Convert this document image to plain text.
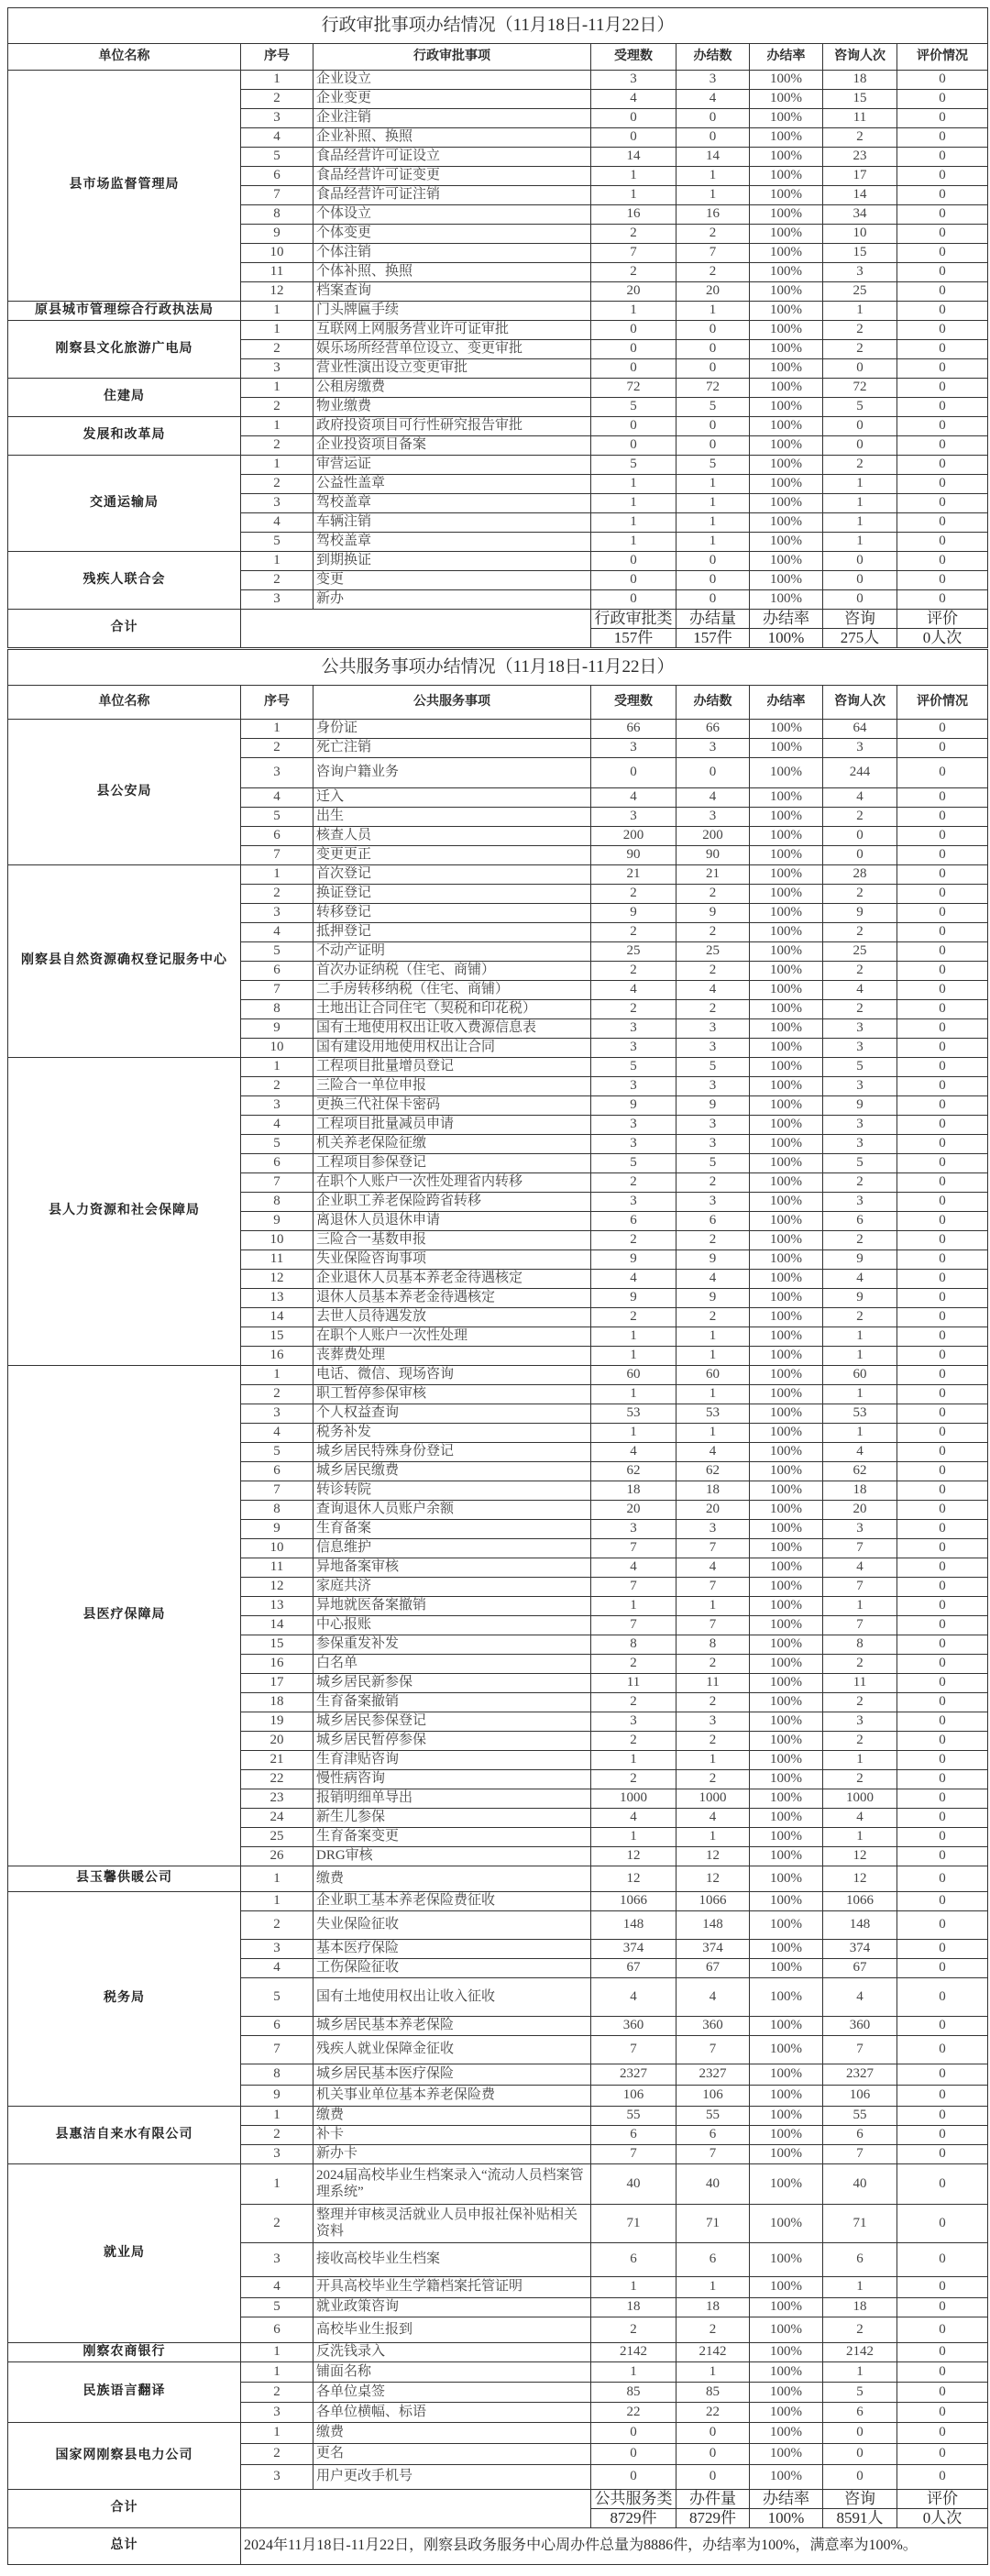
行政审批事项办结情况（11月18日-11月22日）							
单位名称	序号	行政审批事项	受理数	办结数	办结率	咨询人次	评价情况
县市场监督管理局	1	企业设立	3	3	100%	18	0
	2	企业变更	4	4	100%	15	0
	3	企业注销	0	0	100%	11	0
	4	企业补照、换照	0	0	100%	2	0
	5	食品经营许可证设立	14	14	100%	23	0
	6	食品经营许可证变更	1	1	100%	17	0
	7	食品经营许可证注销	1	1	100%	14	0
	8	个体设立	16	16	100%	34	0
	9	个体变更	2	2	100%	10	0
	10	个体注销	7	7	100%	15	0
	11	个体补照、换照	2	2	100%	3	0
	12	档案查询	20	20	100%	25	0
原县城市管理综合行政执法局	1	门头牌匾手续	1	1	100%	1	0
刚察县文化旅游广电局	1	互联网上网服务营业许可证审批	0	0	100%	2	0
	2	娱乐场所经营单位设立、变更审批	0	0	100%	2	0
	3	营业性演出设立变更审批	0	0	100%	0	0
住建局	1	公租房缴费	72	72	100%	72	0
	2	物业缴费	5	5	100%	5	0
发展和改革局	1	政府投资项目可行性研究报告审批	0	0	100%	0	0
	2	企业投资项目备案	0	0	100%	0	0
交通运输局	1	审营运证	5	5	100%	2	0
	2	公益性盖章	1	1	100%	1	0
	3	驾校盖章	1	1	100%	1	0
	4	车辆注销	1	1	100%	1	0
	5	驾校盖章	1	1	100%	1	0
残疾人联合会	1	到期换证	0	0	100%	0	0
	2	变更	0	0	100%	0	0
	3	新办	0	0	100%	0	0
合计			行政审批类	办结量	办结率	咨询	评价
			157件	157件	100%	275人	0人次
公共服务事项办结情况（11月18日-11月22日）							
单位名称	序号	公共服务事项	受理数	办结数	办结率	咨询人次	评价情况
县公安局	1	身份证	66	66	100%	64	0
	2	死亡注销	3	3	100%	3	0
	3	咨询户籍业务	0	0	100%	244	0
	4	迁入	4	4	100%	4	0
	5	出生	3	3	100%	2	0
	6	核查人员	200	200	100%	0	0
	7	变更更正	90	90	100%	0	0
刚察县自然资源确权登记服务中心	1	首次登记	21	21	100%	28	0
	2	换证登记	2	2	100%	2	0
	3	转移登记	9	9	100%	9	0
	4	抵押登记	2	2	100%	2	0
	5	不动产证明	25	25	100%	25	0
	6	首次办证纳税（住宅、商铺）	2	2	100%	2	0
	7	二手房转移纳税（住宅、商铺）	4	4	100%	4	0
	8	土地出让合同住宅（契税和印花税）	2	2	100%	2	0
	9	国有土地使用权出让收入费源信息表	3	3	100%	3	0
	10	国有建设用地使用权出让合同	3	3	100%	3	0
县人力资源和社会保障局	1	工程项目批量增员登记	5	5	100%	5	0
	2	三险合一单位申报	3	3	100%	3	0
	3	更换三代社保卡密码	9	9	100%	9	0
	4	工程项目批量减员申请	3	3	100%	3	0
	5	机关养老保险征缴	3	3	100%	3	0
	6	工程项目参保登记	5	5	100%	5	0
	7	在职个人账户一次性处理省内转移	2	2	100%	2	0
	8	企业职工养老保险跨省转移	3	3	100%	3	0
	9	离退休人员退休申请	6	6	100%	6	0
	10	三险合一基数申报	2	2	100%	2	0
	11	失业保险咨询事项	9	9	100%	9	0
	12	企业退休人员基本养老金待遇核定	4	4	100%	4	0
	13	退休人员基本养老金待遇核定	9	9	100%	9	0
	14	去世人员待遇发放	2	2	100%	2	0
	15	在职个人账户一次性处理	1	1	100%	1	0
	16	丧葬费处理	1	1	100%	1	0
县医疗保障局	1	电话、微信、现场咨询	60	60	100%	60	0
	2	职工暂停参保审核	1	1	100%	1	0
	3	个人权益查询	53	53	100%	53	0
	4	税务补发	1	1	100%	1	0
	5	城乡居民特殊身份登记	4	4	100%	4	0
	6	城乡居民缴费	62	62	100%	62	0
	7	转诊转院	18	18	100%	18	0
	8	查询退休人员账户余额	20	20	100%	20	0
	9	生育备案	3	3	100%	3	0
	10	信息维护	7	7	100%	7	0
	11	异地备案审核	4	4	100%	4	0
	12	家庭共济	7	7	100%	7	0
	13	异地就医备案撤销	1	1	100%	1	0
	14	中心报账	7	7	100%	7	0
	15	参保重发补发	8	8	100%	8	0
	16	白名单	2	2	100%	2	0
	17	城乡居民新参保	11	11	100%	11	0
	18	生育备案撤销	2	2	100%	2	0
	19	城乡居民参保登记	3	3	100%	3	0
	20	城乡居民暂停参保	2	2	100%	2	0
	21	生育津贴咨询	1	1	100%	1	0
	22	慢性病咨询	2	2	100%	2	0
	23	报销明细单导出	1000	1000	100%	1000	0
	24	新生儿参保	4	4	100%	4	0
	25	生育备案变更	1	1	100%	1	0
	26	DRG审核	12	12	100%	12	0
县玉馨供暖公司	1	缴费	12	12	100%	12	0
税务局	1	企业职工基本养老保险费征收	1066	1066	100%	1066	0
	2	失业保险征收	148	148	100%	148	0
	3	基本医疗保险	374	374	100%	374	0
	4	工伤保险征收	67	67	100%	67	0
	5	国有土地使用权出让收入征收	4	4	100%	4	0
	6	城乡居民基本养老保险	360	360	100%	360	0
	7	残疾人就业保障金征收	7	7	100%	7	0
	8	城乡居民基本医疗保险	2327	2327	100%	2327	0
	9	机关事业单位基本养老保险费	106	106	100%	106	0
县惠洁自来水有限公司	1	缴费	55	55	100%	55	0
	2	补卡	6	6	100%	6	0
	3	新办卡	7	7	100%	7	0
就业局	1	2024届高校毕业生档案录入“流动人员档案管理系统”	40	40	100%	40	0
	2	整理并审核灵活就业人员申报社保补贴相关资料	71	71	100%	71	0
	3	接收高校毕业生档案	6	6	100%	6	0
	4	开具高校毕业生学籍档案托管证明	1	1	100%	1	0
	5	就业政策咨询	18	18	100%	18	0
	6	高校毕业生报到	2	2	100%	2	0
刚察农商银行	1	反洗钱录入	2142	2142	100%	2142	0
民族语言翻译	1	铺面名称	1	1	100%	1	0
	2	各单位桌签	85	85	100%	5	0
	3	各单位横幅、标语	22	22	100%	6	0
国家网刚察县电力公司	1	缴费	0	0	100%	0	0
	2	更名	0	0	100%	0	0
	3	用户更改手机号	0	0	100%	0	0
合计			公共服务类	办件量	办结率	咨询	评价
			8729件	8729件	100%	8591人	0人次
总计	2024年11月18日-11月22日，刚察县政务服务中心周办件总量为8886件，办结率为100%，满意率为100%。						
